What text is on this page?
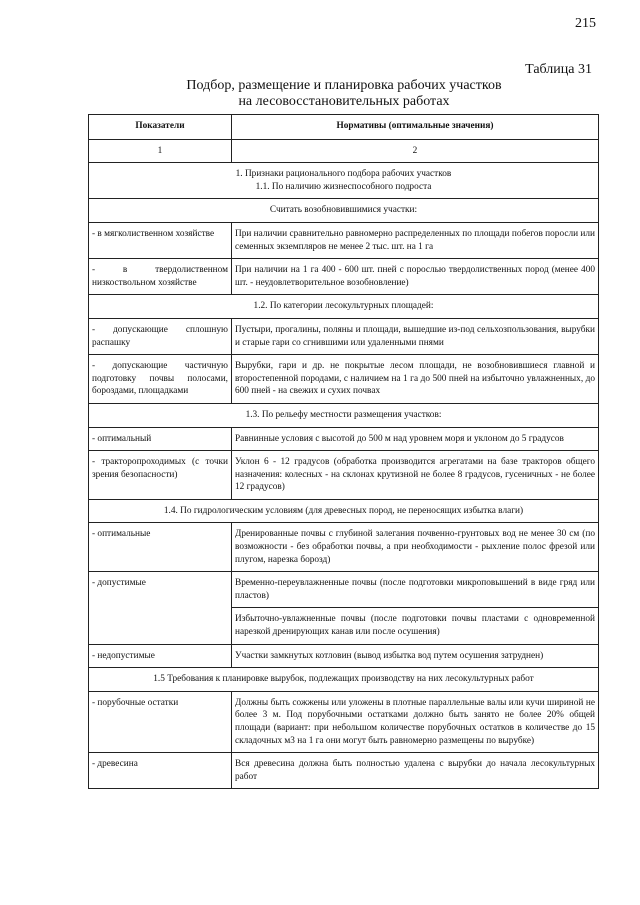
215
Таблица 31
Подбор, размещение и планировка рабочих участков
на лесовосстановительных работах
Показатели	Нормативы (оптимальные значения)
1	2

1. Признаки рационального подбора рабочих участков
1.1. По наличию жизнеспособного подроста	

Считать возобновившимися участки:	
- в мягколиственном хозяйстве	При наличии сравнительно равномерно распределенных по площади побегов поросли или семенных экземпляров не менее 2 тыс. шт. на 1 га
- в твердолиственном низкоствольном хозяйстве	При наличии на 1 га 400 - 600 шт. пней с порослью твердолиственных пород (менее 400 шт. - неудовлетворительное возобновление)
1.2. По категории лесокультурных площадей:	
- допускающие сплошную распашку	Пустыри, прогалины, поляны и площади, вышедшие из-под сельхозпользования, вырубки и старые гари со сгнившими или удаленными пнями
- допускающие частичную подготовку почвы полосами, бороздами, площадками	Вырубки, гари и др. не покрытые лесом площади, не возобновившиеся главной и второстепенной породами, с наличием на 1 га до 500 пней на избыточно увлажненных, до 600 пней - на свежих и сухих почвах
1.3. По рельефу местности размещения участков:	
- оптимальный	Равнинные условия с высотой до 500 м над уровнем моря и уклоном до 5 градусов
- тракторопроходимых (с точки зрения безопасности)	Уклон 6 - 12 градусов (обработка производится агрегатами на базе тракторов общего назначения: колесных - на склонах крутизной не более 8 градусов, гусеничных - не более 12 градусов)
1.4. По гидрологическим условиям (для древесных пород, не переносящих избытка влаги)	
- оптимальные	Дренированные почвы с глубиной залегания почвенно-грунтовых вод не менее 30 см (по возможности - без обработки почвы, а при необходимости - рыхление полос фрезой или плугом, нарезка борозд)
- допустимые	Временно-переувлажненные почвы (после подготовки микроповышений в виде гряд или пластов)
	Избыточно-увлажненные почвы (после подготовки почвы пластами с одновременной нарезкой дренирующих канав или после осушения)
- недопустимые	Участки замкнутых котловин (вывод избытка вод путем осушения затруднен)
1.5 Требования к планировке вырубок, подлежащих производству на них лесокультурных работ	
- порубочные остатки	Должны быть сожжены или уложены в плотные параллельные валы или кучи шириной не более 3 м. Под порубочными остатками должно быть занято не более 20% общей площади (вариант: при небольшом количестве порубочных остатков в количестве до 15 складочных м3 на 1 га они могут быть равномерно размещены по вырубке)
- древесина	Вся древесина должна быть полностью удалена с вырубки до начала лесокультурных работ
